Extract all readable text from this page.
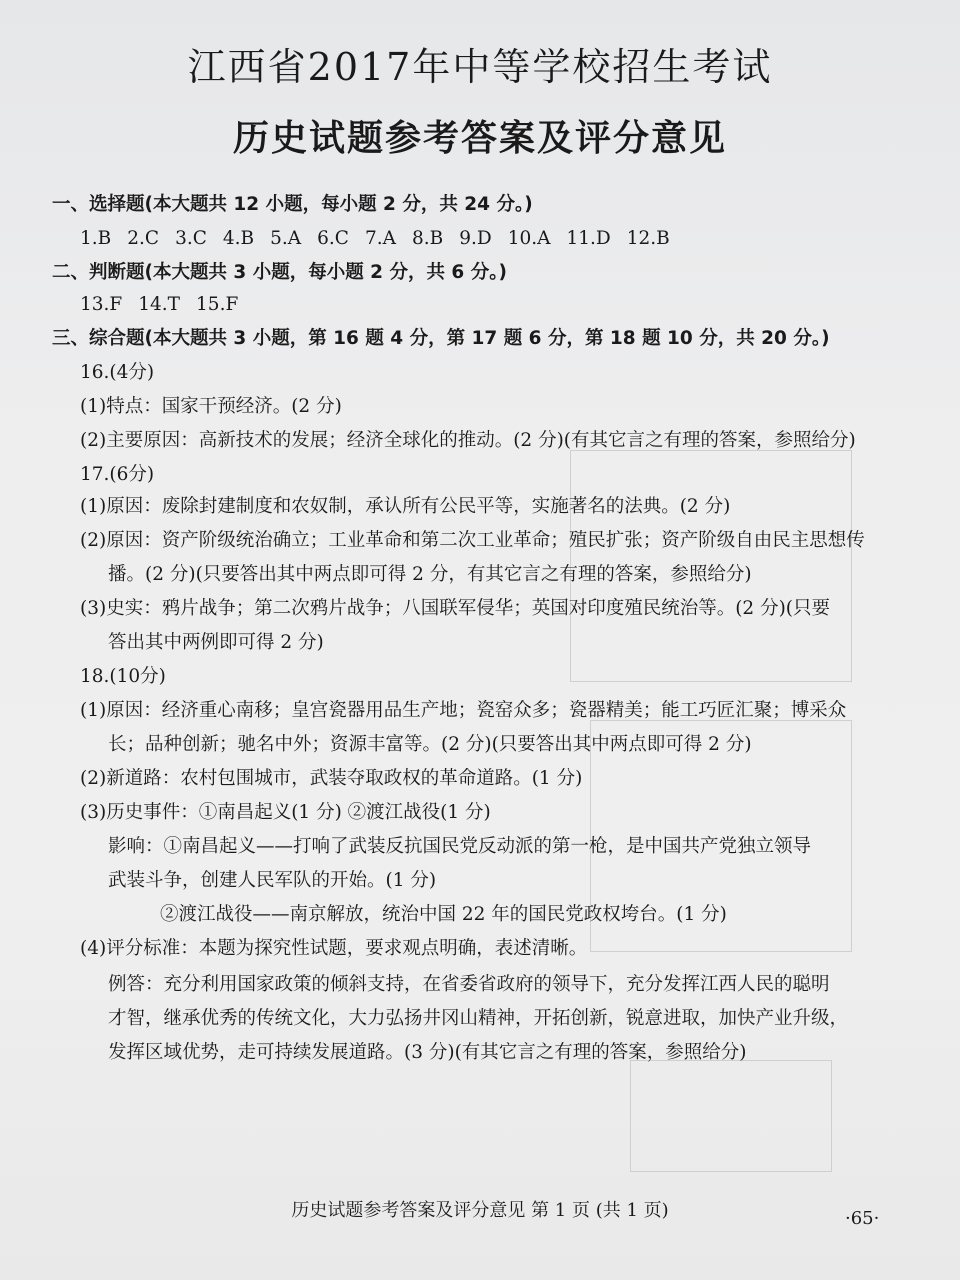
江西省2017年中等学校招生考试
历史试题参考答案及评分意见
一、选择题(本大题共 12 小题，每小题 2 分，共 24 分。)
1.B 2.C 3.C 4.B 5.A 6.C 7.A 8.B 9.D 10.A 11.D 12.B
二、判断题(本大题共 3 小题，每小题 2 分，共 6 分。)
13.F 14.T 15.F
三、综合题(本大题共 3 小题，第 16 题 4 分，第 17 题 6 分，第 18 题 10 分，共 20 分。)
16.(4分)
(1)特点：国家干预经济。(2 分)
(2)主要原因：高新技术的发展；经济全球化的推动。(2 分)(有其它言之有理的答案，参照给分)
17.(6分)
(1)原因：废除封建制度和农奴制，承认所有公民平等，实施著名的法典。(2 分)
(2)原因：资产阶级统治确立；工业革命和第二次工业革命；殖民扩张；资产阶级自由民主思想传
播。(2 分)(只要答出其中两点即可得 2 分，有其它言之有理的答案，参照给分)
(3)史实：鸦片战争；第二次鸦片战争；八国联军侵华；英国对印度殖民统治等。(2 分)(只要
答出其中两例即可得 2 分)
18.(10分)
(1)原因：经济重心南移；皇宫瓷器用品生产地；瓷窑众多；瓷器精美；能工巧匠汇聚；博采众
长；品种创新；驰名中外；资源丰富等。(2 分)(只要答出其中两点即可得 2 分)
(2)新道路：农村包围城市，武装夺取政权的革命道路。(1 分)
(3)历史事件：①南昌起义(1 分) ②渡江战役(1 分)
影响：①南昌起义——打响了武装反抗国民党反动派的第一枪，是中国共产党独立领导
武装斗争，创建人民军队的开始。(1 分)
②渡江战役——南京解放，统治中国 22 年的国民党政权垮台。(1 分)
(4)评分标准：本题为探究性试题，要求观点明确，表述清晰。
例答：充分利用国家政策的倾斜支持，在省委省政府的领导下，充分发挥江西人民的聪明
才智，继承优秀的传统文化，大力弘扬井冈山精神，开拓创新，锐意进取，加快产业升级，
发挥区域优势，走可持续发展道路。(3 分)(有其它言之有理的答案，参照给分)
历史试题参考答案及评分意见 第 1 页 (共 1 页)	·65·
